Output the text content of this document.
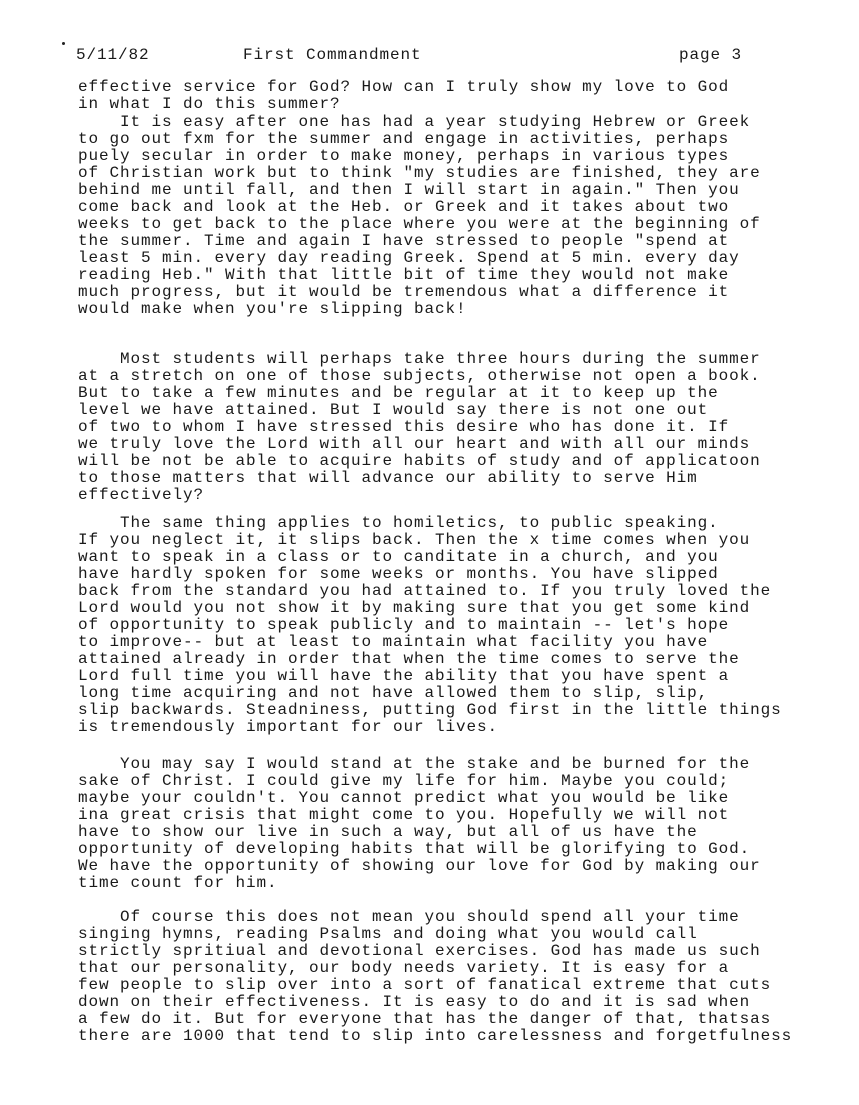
5/11/82

	First Commandment

	page 3

effective service for God? How can I truly show my love to God
in what I do this summer?
It is easy after one has had a year studying Hebrew or Greek
to go out fxm for the summer and engage in activities, perhaps
puely secular in order to make money, perhaps in various types
of Christian work but to think "my studies are finished, they are
behind me until fall, and then I will start in again." Then you
come back and look at the Heb. or Greek and it takes about two
weeks to get back to the place where you were at the beginning of
the summer. Time and again I have stressed to people "spend at
least 5 min. every day reading Greek. Spend at 5 min. every day
reading Heb." With that little bit of time they would not make
much progress, but it would be tremendous what a difference it
would make when you're slipping back!
Most students will perhaps take three hours during the summer
at a stretch on one of those subjects, otherwise not open a book.
But to take a few minutes and be regular at it to keep up the
level we have attained. But I would say there is not one out
of two to whom I have stressed this desire who has done it. If
we truly love the Lord with all our heart and with all our minds
will be not be able to acquire habits of study and of applicatoon
to those matters that will advance our ability to serve Him
effectively?
The same thing applies to homiletics, to public speaking.
If you neglect it, it slips back. Then the x time comes when you
want to speak in a class or to canditate in a church, and you
have hardly spoken for some weeks or months. You have slipped
back from the standard you had attained to. If you truly loved the
Lord would you not show it by making sure that you get some kind
of opportunity to speak publicly and to maintain -- let's hope
to improve-- but at least to maintain what facility you have
attained already in order that when the time comes to serve the
Lord full time you will have the ability that you have spent a
long time acquiring and not have allowed them to slip, slip,
slip backwards. Steadniness, putting God first in the little things
is tremendously important for our lives.
You may say I would stand at the stake and be burned for the
sake of Christ. I could give my life for him. Maybe you could;
maybe your couldn't. You cannot predict what you would be like
ina great crisis that might come to you. Hopefully we will not
have to show our live in such a way, but all of us have the
opportunity of developing habits that will be glorifying to God.
We have the opportunity of showing our love for God by making our
time count for him.
Of course this does not mean you should spend all your time
singing hymns, reading Psalms and doing what you would call
strictly spritiual and devotional exercises. God has made us such
that our personality, our body needs variety. It is easy for a
few people to slip over into a sort of fanatical extreme that cuts
down on their effectiveness. It is easy to do and it is sad when
a few do it. But for everyone that has the danger of that, thatsas
there are 1000 that tend to slip into carelessness and forgetfulness
